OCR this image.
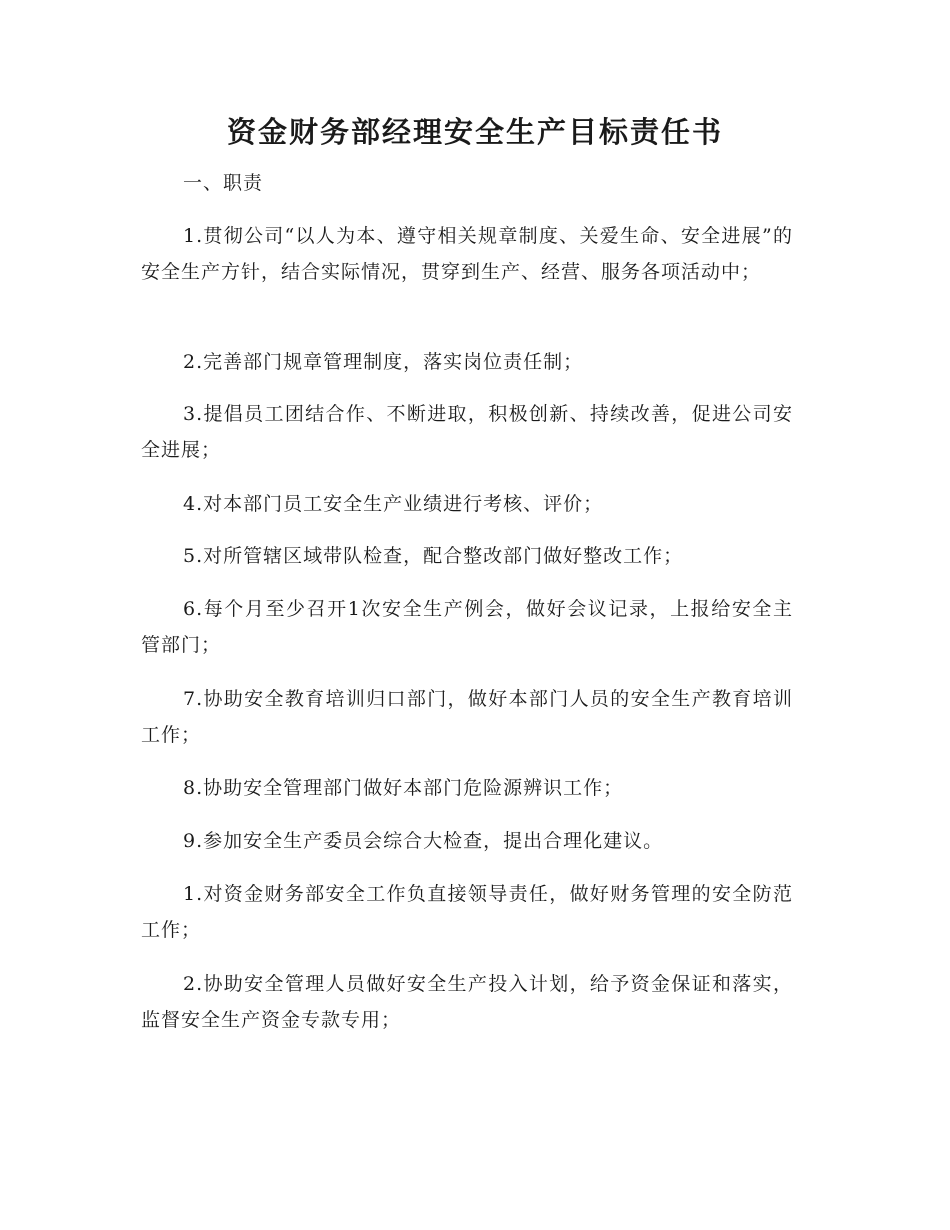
资金财务部经理安全生产目标责任书

一、职责

1.贯彻公司“以人为本、遵守相关规章制度、关爱生命、安全进展”的安全生产方针，结合实际情况，贯穿到生产、经营、服务各项活动中；

2.完善部门规章管理制度，落实岗位责任制；

3.提倡员工团结合作、不断进取，积极创新、持续改善，促进公司安全进展；

4.对本部门员工安全生产业绩进行考核、评价；

5.对所管辖区域带队检查，配合整改部门做好整改工作；

6.每个月至少召开1次安全生产例会，做好会议记录，上报给安全主管部门；

7.协助安全教育培训归口部门，做好本部门人员的安全生产教育培训工作；

8.协助安全管理部门做好本部门危险源辨识工作；

9.参加安全生产委员会综合大检查，提出合理化建议。

1.对资金财务部安全工作负直接领导责任，做好财务管理的安全防范工作；

2.协助安全管理人员做好安全生产投入计划，给予资金保证和落实，监督安全生产资金专款专用；
